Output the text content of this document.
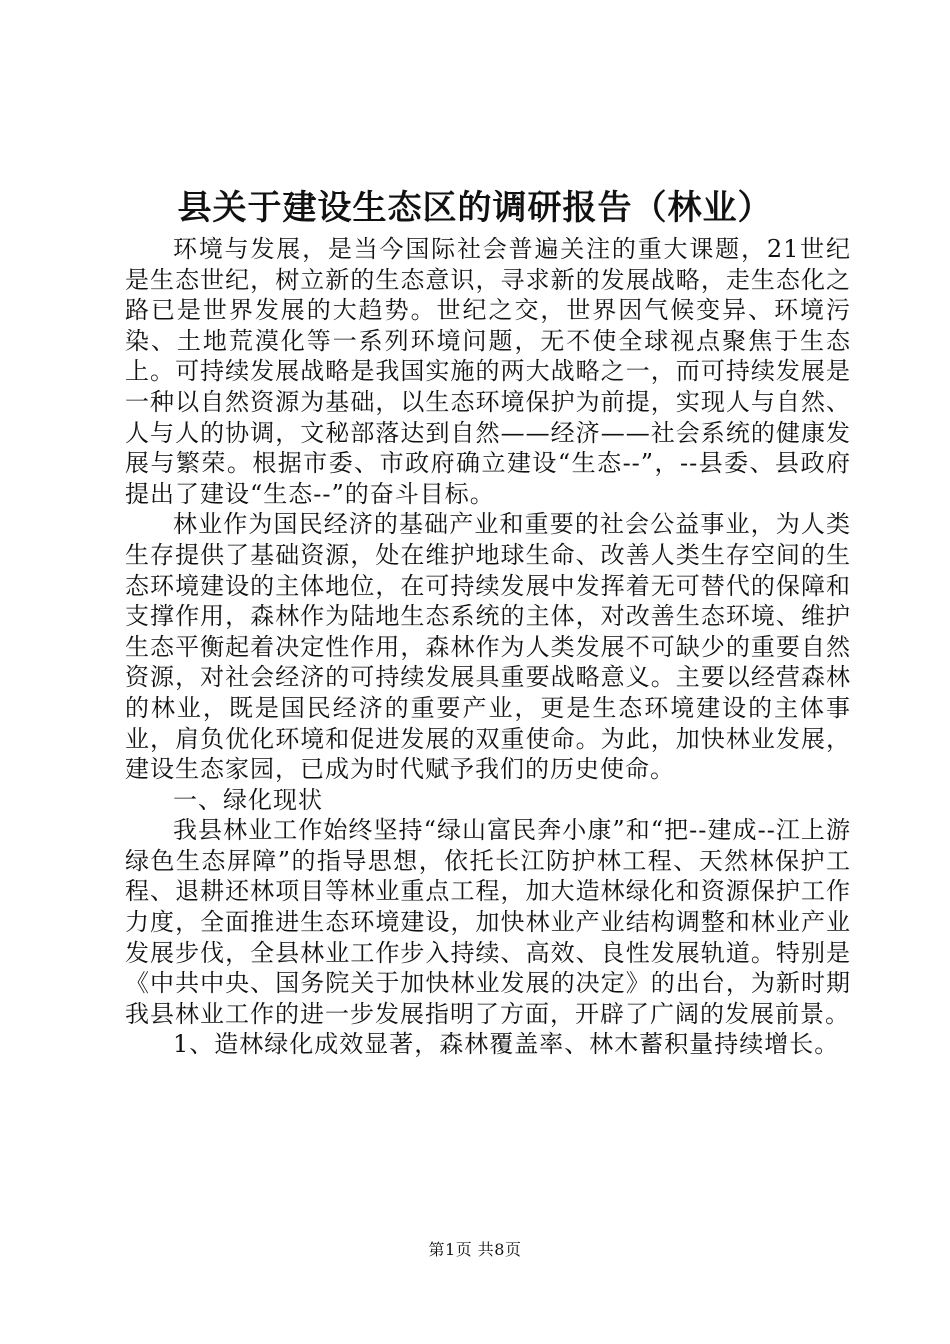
县关于建设生态区的调研报告（林业）

环境与发展，是当今国际社会普遍关注的重大课题，21世纪是生态世纪，树立新的生态意识，寻求新的发展战略，走生态化之路已是世界发展的大趋势。世纪之交，世界因气候变异、环境污染、土地荒漠化等一系列环境问题，无不使全球视点聚焦于生态上。可持续发展战略是我国实施的两大战略之一，而可持续发展是一种以自然资源为基础，以生态环境保护为前提，实现人与自然、人与人的协调，文秘部落达到自然——经济——社会系统的健康发展与繁荣。根据市委、市政府确立建设“生态--”，--县委、县政府提出了建设“生态--”的奋斗目标。

林业作为国民经济的基础产业和重要的社会公益事业，为人类生存提供了基础资源，处在维护地球生命、改善人类生存空间的生态环境建设的主体地位，在可持续发展中发挥着无可替代的保障和支撑作用，森林作为陆地生态系统的主体，对改善生态环境、维护生态平衡起着决定性作用，森林作为人类发展不可缺少的重要自然资源，对社会经济的可持续发展具重要战略意义。主要以经营森林的林业，既是国民经济的重要产业，更是生态环境建设的主体事业，肩负优化环境和促进发展的双重使命。为此，加快林业发展，建设生态家园，已成为时代赋予我们的历史使命。

一、绿化现状

我县林业工作始终坚持“绿山富民奔小康”和“把--建成--江上游绿色生态屏障”的指导思想，依托长江防护林工程、天然林保护工程、退耕还林项目等林业重点工程，加大造林绿化和资源保护工作力度，全面推进生态环境建设，加快林业产业结构调整和林业产业发展步伐，全县林业工作步入持续、高效、良性发展轨道。特别是《中共中央、国务院关于加快林业发展的决定》的出台，为新时期我县林业工作的进一步发展指明了方面，开辟了广阔的发展前景。

1、造林绿化成效显著，森林覆盖率、林木蓄积量持续增长。

第1页 共8页
